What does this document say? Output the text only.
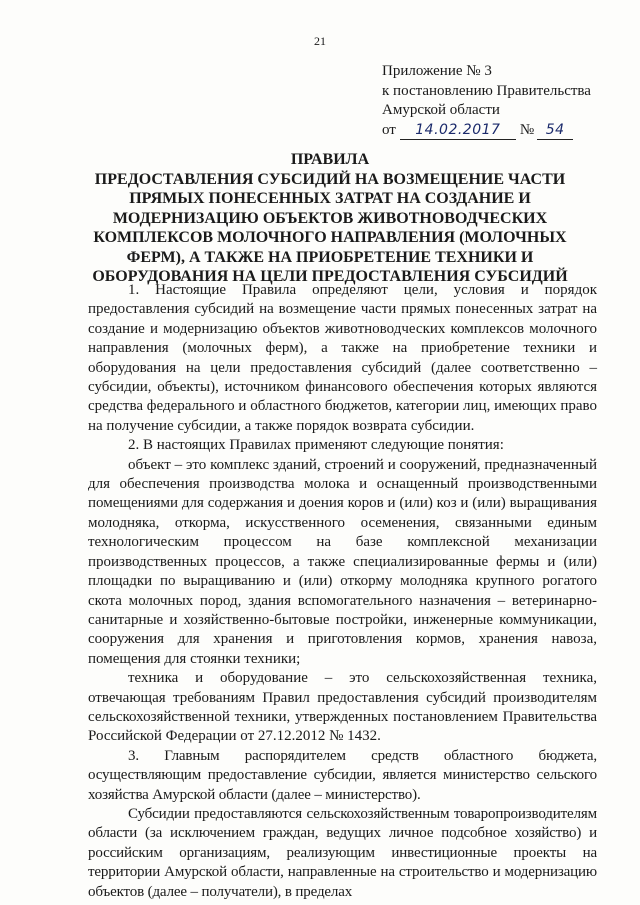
21
Приложение № 3
к постановлению Правительства
Амурской области
от 14.02.2017 № 54
ПРАВИЛА
ПРЕДОСТАВЛЕНИЯ СУБСИДИЙ НА ВОЗМЕЩЕНИЕ ЧАСТИ
ПРЯМЫХ ПОНЕСЕННЫХ ЗАТРАТ НА СОЗДАНИЕ И
МОДЕРНИЗАЦИЮ ОБЪЕКТОВ ЖИВОТНОВОДЧЕСКИХ
КОМПЛЕКСОВ МОЛОЧНОГО НАПРАВЛЕНИЯ (МОЛОЧНЫХ
ФЕРМ), А ТАКЖЕ НА ПРИОБРЕТЕНИЕ ТЕХНИКИ И
ОБОРУДОВАНИЯ НА ЦЕЛИ ПРЕДОСТАВЛЕНИЯ СУБСИДИЙ

1. Настоящие Правила определяют цели, условия и порядок предоставления субсидий на возмещение части прямых понесенных затрат на создание и модернизацию объектов животноводческих комплексов молочного направления (молочных ферм), а также на приобретение техники и оборудования на цели предоставления субсидий (далее соответственно – субсидии, объекты), источником финансового обеспечения которых являются средства федерального и областного бюджетов, категории лиц, имеющих право на получение субсидии, а также порядок возврата субсидии.

2. В настоящих Правилах применяют следующие понятия:

объект – это комплекс зданий, строений и сооружений, предназначенный для обеспечения производства молока и оснащенный производственными помещениями для содержания и доения коров и (или) коз и (или) выращивания молодняка, откорма, искусственного осеменения, связанными единым технологическим процессом на базе комплексной механизации производственных процессов, а также специализированные фермы и (или) площадки по выращиванию и (или) откорму молодняка крупного рогатого скота молочных пород, здания вспомогательного назначения – ветеринарно-санитарные и хозяйственно-бытовые постройки, инженерные коммуникации, сооружения для хранения и приготовления кормов, хранения навоза, помещения для стоянки техники;

техника и оборудование – это сельскохозяйственная техника, отвечающая требованиям Правил предоставления субсидий производителям сельскохозяйственной техники, утвержденных постановлением Правительства Российской Федерации от 27.12.2012 № 1432.

3. Главным распорядителем средств областного бюджета, осуществляющим предоставление субсидии, является министерство сельского хозяйства Амурской области (далее – министерство).

Субсидии предоставляются сельскохозяйственным товаропроизводителям области (за исключением граждан, ведущих личное подсобное хозяйство) и российским организациям, реализующим инвестиционные проекты на территории Амурской области, направленные на строительство и модернизацию объектов (далее – получатели), в пределах
